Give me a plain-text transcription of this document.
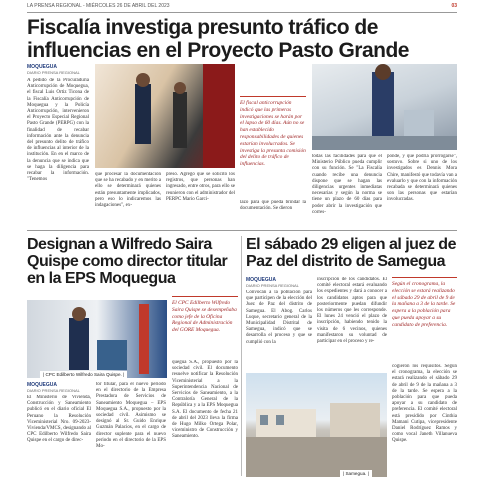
LA PRENSA REGIONAL - MIÉRCOLES 26 DE ABRIL DEL 2023	03
Fiscalía investiga presunto tráfico de influencias en el Proyecto Pasto Grande
MOQUEGUA
DIARIO PRENSA REGIONAL
A pedido de la Procuraduría Anticorrupción de Moquegua, el fiscal Luis Ortiz Ticona de la Fiscalía Anticorrupción de Moquegua y la Policía Anticorrupción, intervenieron el Proyecto Especial Regional Pasto Grande (PERPG) con la finalidad de recabar información ante la denuncia del presunto delito de tráfico de influencias al interior de la institución. En en el marco de la denuncia que se indica que se haga la diligencia para recabar la información. "Tenemos
que procesar la documentación que se ha recabado y en merito a ello se determinará quienes están presuntamente implicados, pero eso lo indicaremos las indagaciones", ex-
presó. Agregó que se solicitó los registros, que personas han ingresado, entre otros, para ello se reunieron con el administrador del PERPC Mario Garci-
El fiscal anticorrupción indicó que las primeras investigaciones se harán por el lapso de 60 días. Aún no se han establecido responsabilidades de quienes estarían involucrados. Se investiga la presunta comisión del delito de tráfico de influencias.
lazo para que pueda brindar la documentación. Se dieron
todas las facilidades para que el Ministerio Público pueda cumplir con su función. Se "La Fiscalía cuando recibe una denuncia dispone que se hagan las diligencias urgentes inmediatas necesarias y según la norma se tiene un plazo de 60 días para poder abrir la investigación que corres-
ponde, y que podría prorrogarse", sostuvo. Sobre si uno de los investigados es Dennis Mora Chire, manifestó que todavía van a evaluarlo y que con la información recabada se determinará quienes son las personas que estarían involucradas.
Designan a Wilfredo Saira Quispe como director titular en la EPS Moquegua
| CPC Edilberto Wilfredo Saira Quispe. |
El CPC Edilberto Wilfredo Saira Quispe se desempeñaba como jefe de la Oficina Regional de Administración del GORE Moquegua.
MOQUEGUA
DIARIO PRENSA REGIONAL
El Ministerio de Vivienda, Construcción y Saneamiento publicó en el diario oficial El Peruano la Resolución Viceministerial Nro. 09-2023-Vivienda/VMCS, designando al CPC Edilberto Wilfredo Saira Quispe en el cargo de direc-
tor titular, para el nuevo periodo en el directorio de la Empresa Prestadora de Servicios de Saneamiento Moquegua – EPS Moquegua S.A., propuesto por la sociedad civil. Asimismo se designó al Sr. Guido Enrique Guzmán Palacios, en el cargo de director suplente para el nuevo periodo en el directorio de la EPS Mo-
quegua S.A., propuesto por la sociedad civil. El documento resuelve notificar la Resolución Viceministerial a la Superintendencia Nacional de Servicios de Saneamiento, a la Contraloría General de la República y a la EPS Moquegua S.A. El documento de fecha 21 de abril del 2023 lleva la firma de Hugo Milko Ortega Polar, viceministro de Construcción y Saneamiento.
El sábado 29 eligen al juez de Paz del distrito de Samegua
MOQUEGUA
DIARIO PRENSA REGIONAL
Convocan a la población para que participen de la elección del Juez de Paz del distrito de Samegua. El Abog. Carlos Luque, secretario general de la Municipalidad Distrital de Samegua, indicó que se desarrolla el proceso y que se cumplió con la
inscripción de los candidatos. El comité electoral estará evaluando los expedientes y dará a conocer a los candidatos aptos para que posteriormente puedan difundir los números que les corresponde. El lunes 24 venció el plazo de inscripción, habiendo tenido la visita de 6 vecinos, quienes manifestaron su voluntad de participar en el proceso y re-
Según el cronograma, la elección se estará realizando el sábado 29 de abril de 9 de la mañana a 3 de la tarde. Se espera a la población para que pueda apoyar a su candidato de preferencia.
cogieron los requisitos. Según el cronograma, la elección se estará realizando el sábado 29 de abril de 9 de la mañana a 3 de la tarde. Se espera a la población para que pueda apoyar a su candidato de preferencia. El comité electoral está presidido por Cinthia Mamani Cutipa, vicepresidente Daniel Rodríguez Ramos y como vocal Janeth Villanueva Quispe.
| Samegua. |
